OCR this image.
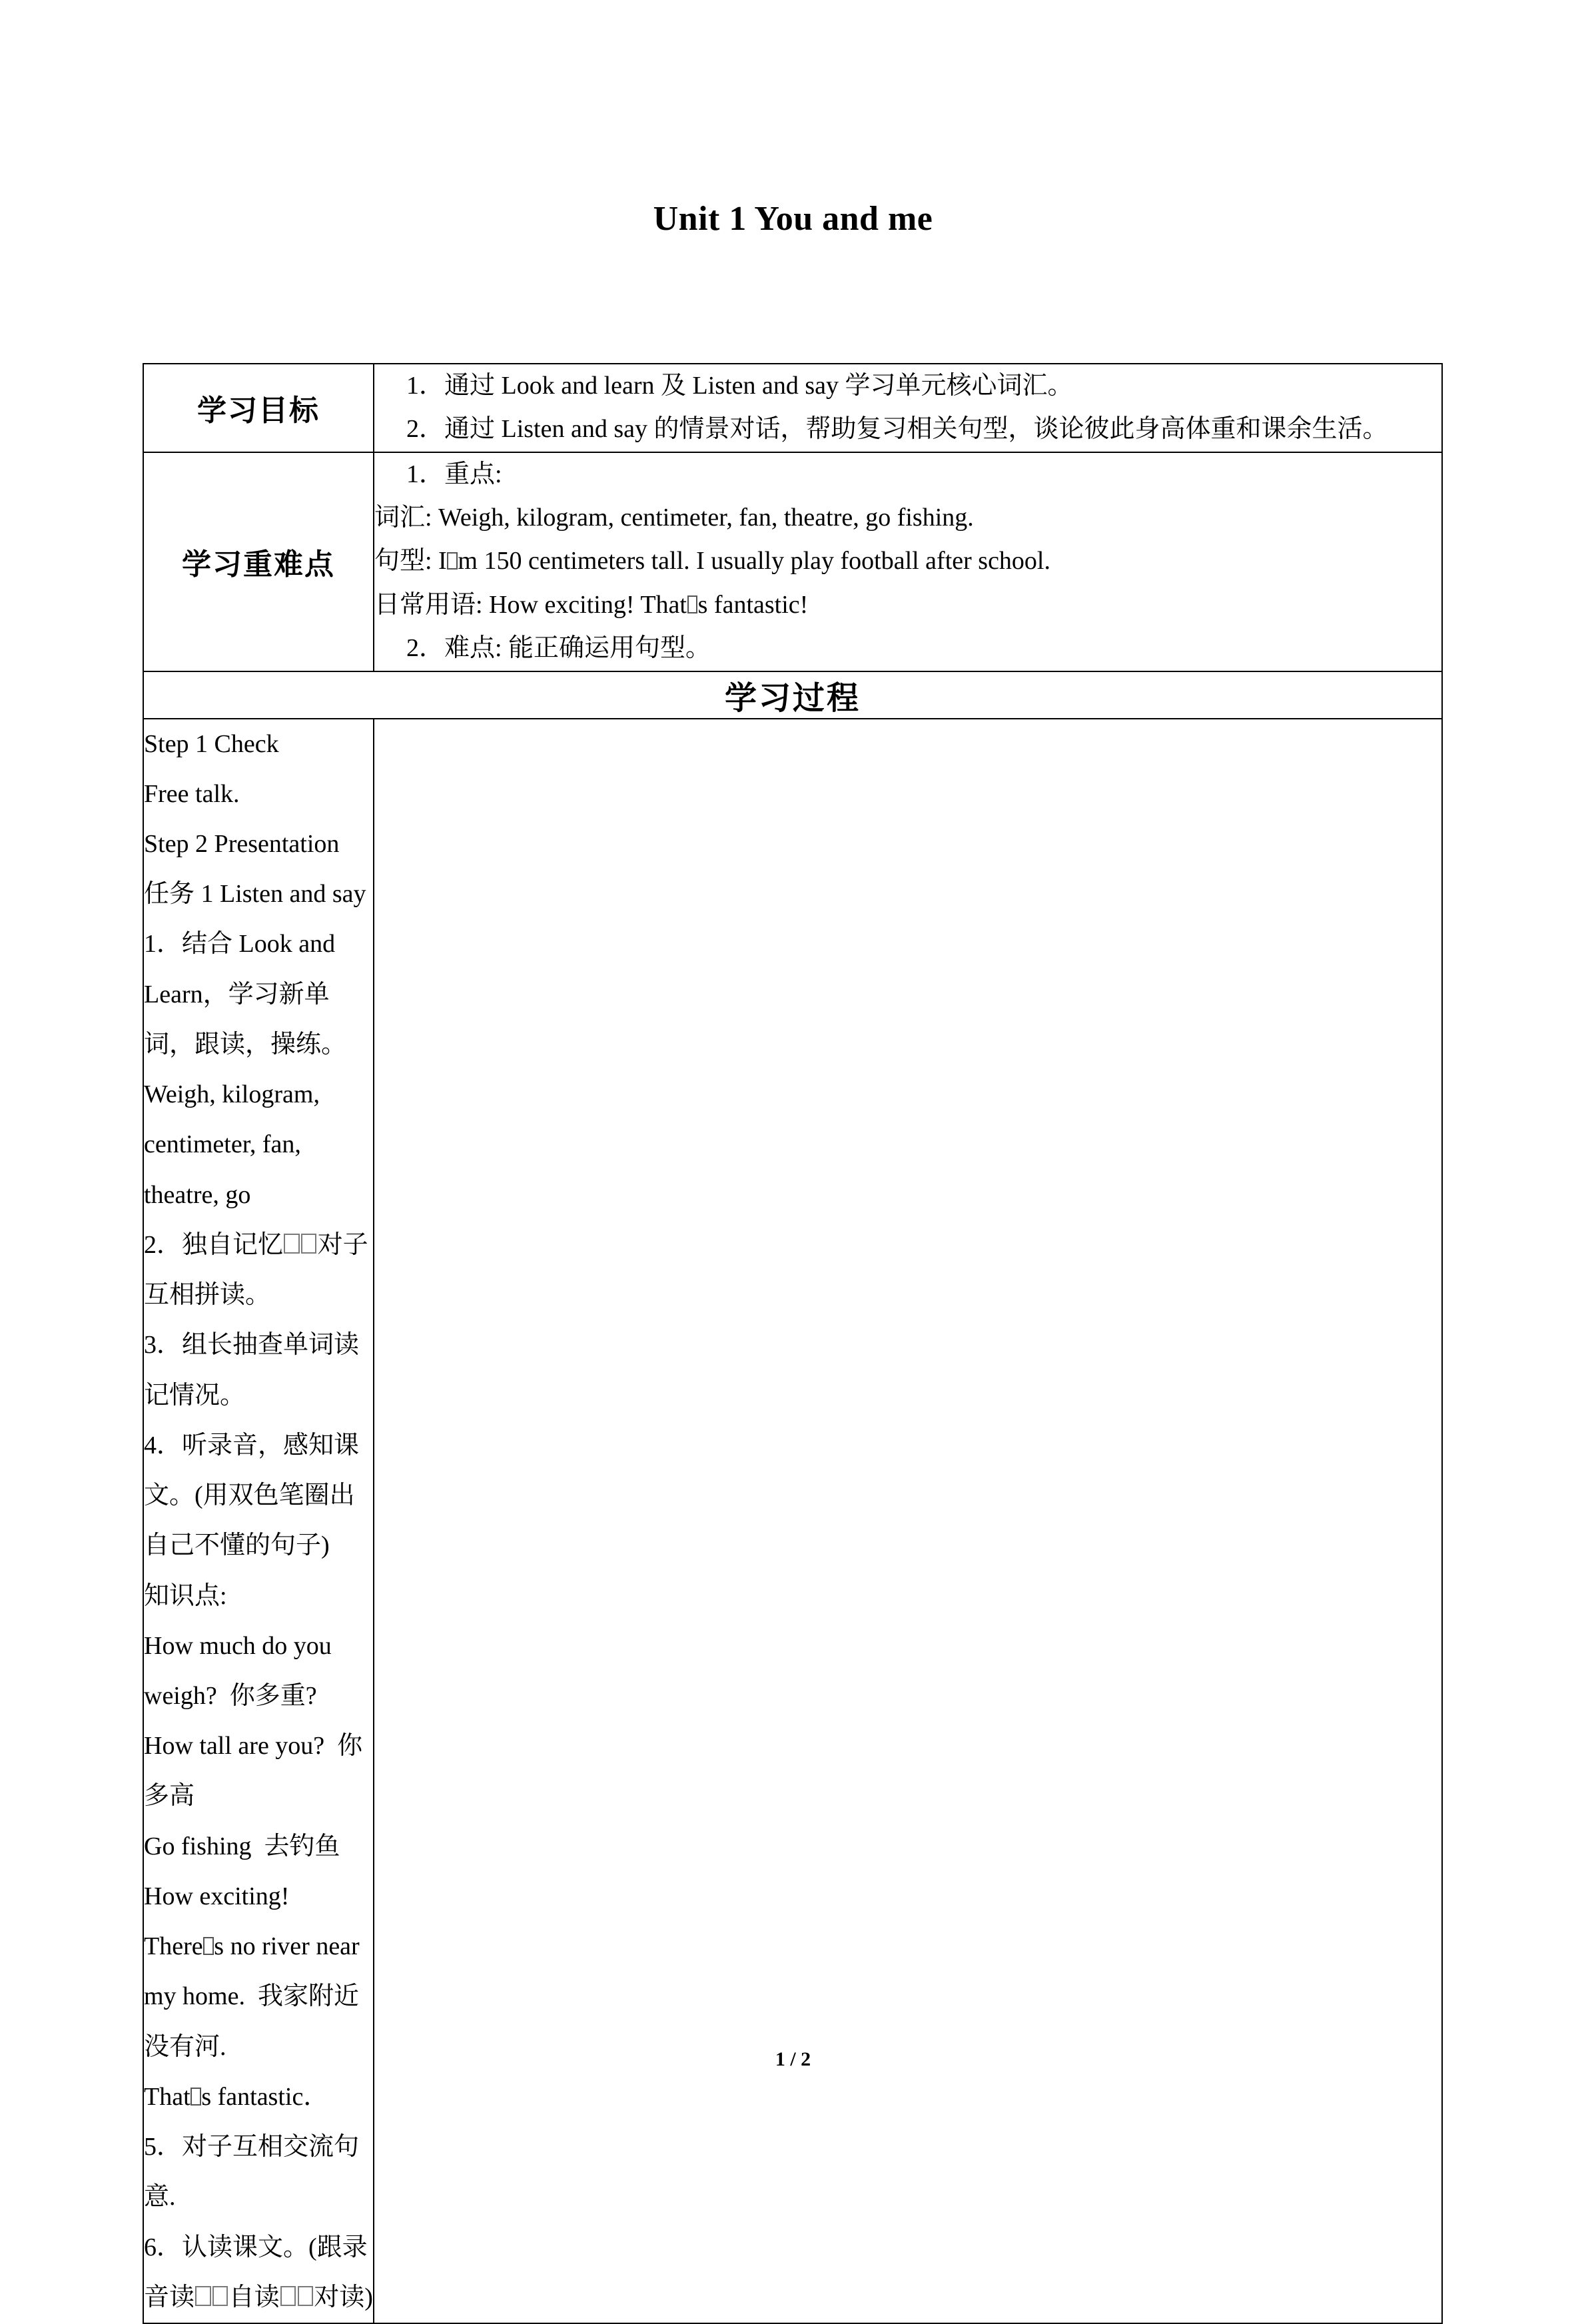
Unit 1 You and me
学习目标	1．通过 Look and learn 及 Listen and say 学习单元核心词汇。

2．通过 Listen and say 的情景对话，帮助复习相关句型，谈论彼此身高体重和课余生活。

学习重难点	1．重点:

词汇: Weigh, kilogram, centimeter, fan, theatre, go fishing.

句型: I m 150 centimeters tall. I usually play football after school.

日常用语: How exciting! That s fantastic!

2．难点: 能正确运用句型。

学习过程	

Step 1 Check

Free talk.

Step 2 Presentation

任务 1 Listen and say

1．结合 Look and Learn，学习新单词，跟读，操练。

Weigh, kilogram, centimeter, fan, theatre, go

2．独自记忆 对子互相拼读。

3．组长抽查单词读记情况。

4．听录音，感知课文。(用双色笔圈出自己不懂的句子)

知识点:

How much do you weigh?  你多重?

How tall are you?  你多高

Go fishing  去钓鱼

How exciting!

There s no river near my home.  我家附近没有河.

That s fantastic．

5．对子互相交流句意.

6．认读课文。(跟录音读 自读 对读)

1 / 2
